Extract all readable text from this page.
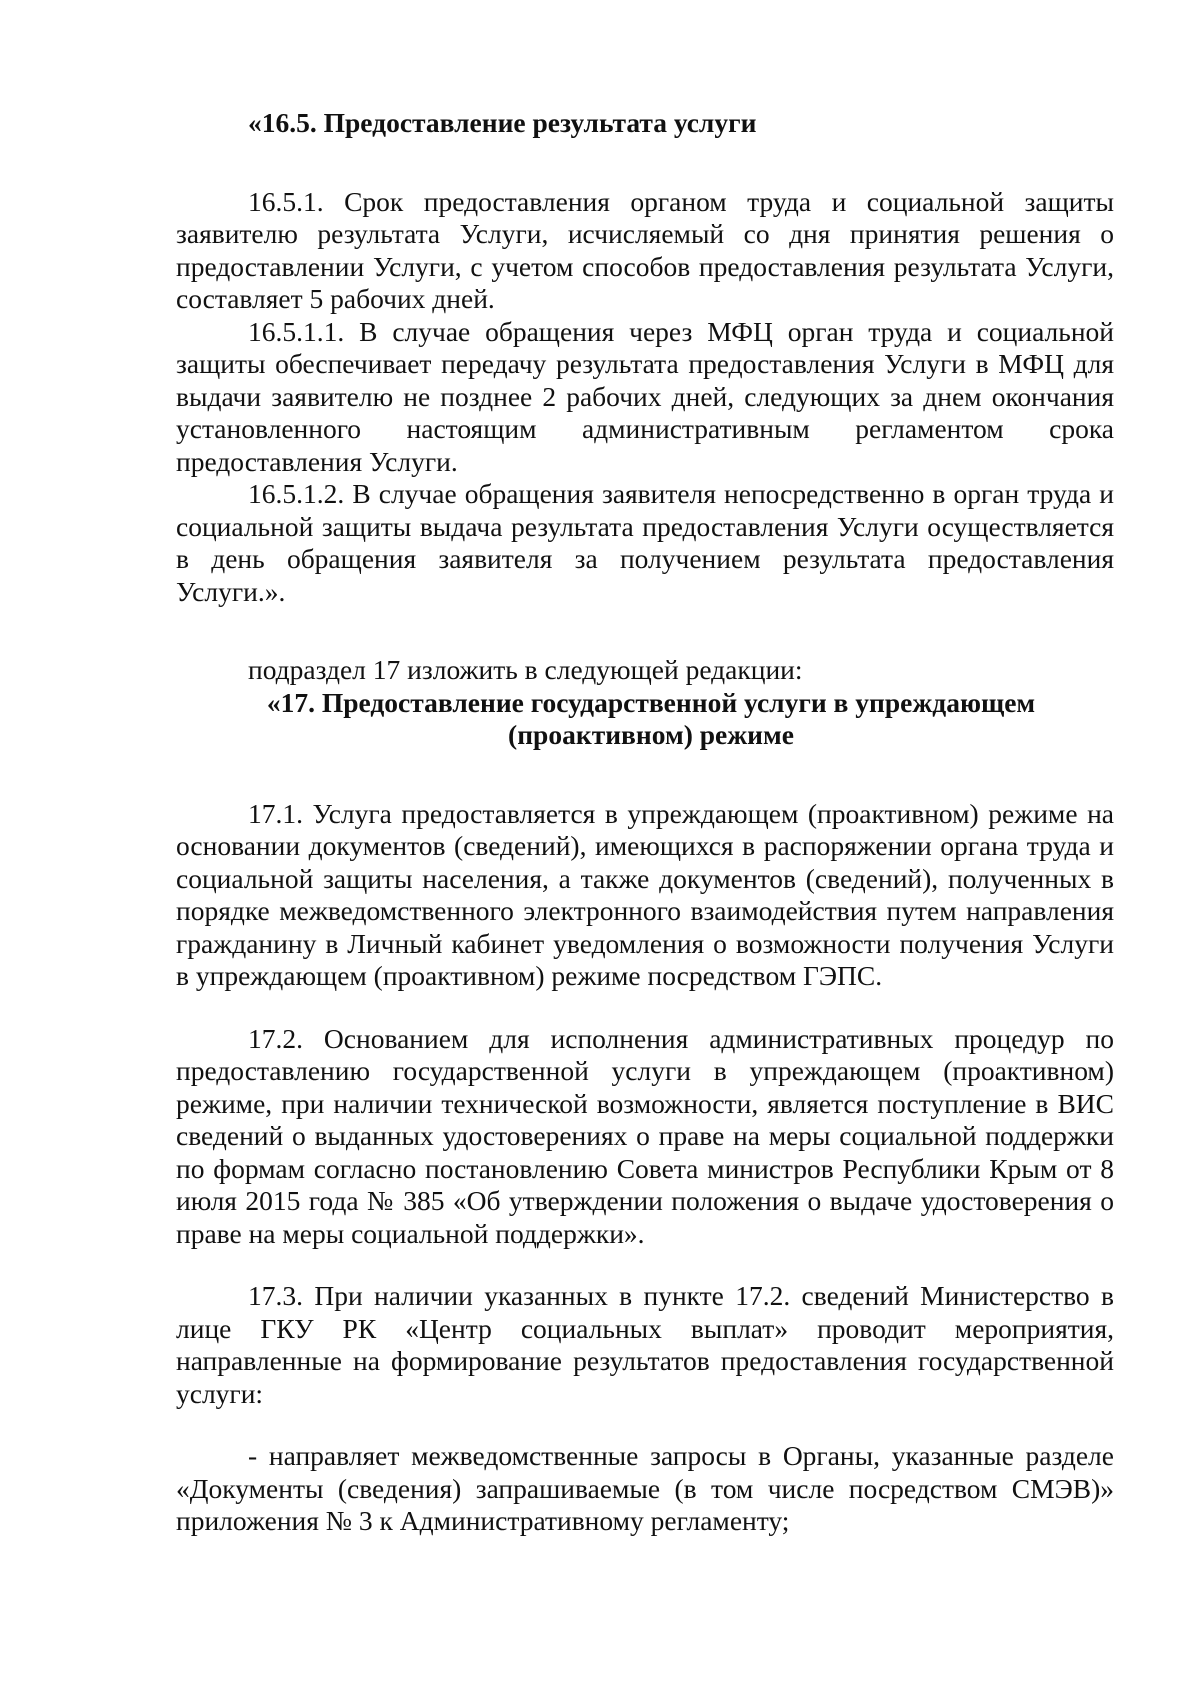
«16.5. Предоставление результата услуги

16.5.1. Срок предоставления органом труда и социальной защиты заявителю результата Услуги, исчисляемый со дня принятия решения о предоставлении Услуги, с учетом способов предоставления результата Услуги, составляет 5 рабочих дней.

16.5.1.1. В случае обращения через МФЦ орган труда и социальной защиты обеспечивает передачу результата предоставления Услуги в МФЦ для выдачи заявителю не позднее 2 рабочих дней, следующих за днем окончания установленного настоящим административным регламентом срока предоставления Услуги.

16.5.1.2. В случае обращения заявителя непосредственно в орган труда и социальной защиты выдача результата предоставления Услуги осуществляется в день обращения заявителя за получением результата предоставления Услуги.».

подраздел 17 изложить в следующей редакции:

«17. Предоставление государственной услуги в упреждающем

(проактивном) режиме

17.1. Услуга предоставляется в упреждающем (проактивном) режиме на основании документов (сведений), имеющихся в распоряжении органа труда и социальной защиты населения, а также документов (сведений), полученных в порядке межведомственного электронного взаимодействия путем направления гражданину в Личный кабинет уведомления о возможности получения Услуги в упреждающем (проактивном) режиме посредством ГЭПС.

17.2. Основанием для исполнения административных процедур по предоставлению государственной услуги в упреждающем (проактивном) режиме, при наличии технической возможности, является поступление в ВИС сведений о выданных удостоверениях о праве на меры социальной поддержки по формам согласно постановлению Совета министров Республики Крым от 8 июля 2015 года № 385 «Об утверждении положения о выдаче удостоверения о праве на меры социальной поддержки».

17.3. При наличии указанных в пункте 17.2. сведений Министерство в лице ГКУ РК «Центр социальных выплат» проводит мероприятия, направленные на формирование результатов предоставления государственной услуги:

- направляет межведомственные запросы в Органы, указанные разделе «Документы (сведения) запрашиваемые (в том числе посредством СМЭВ)» приложения № 3 к Административному регламенту;
